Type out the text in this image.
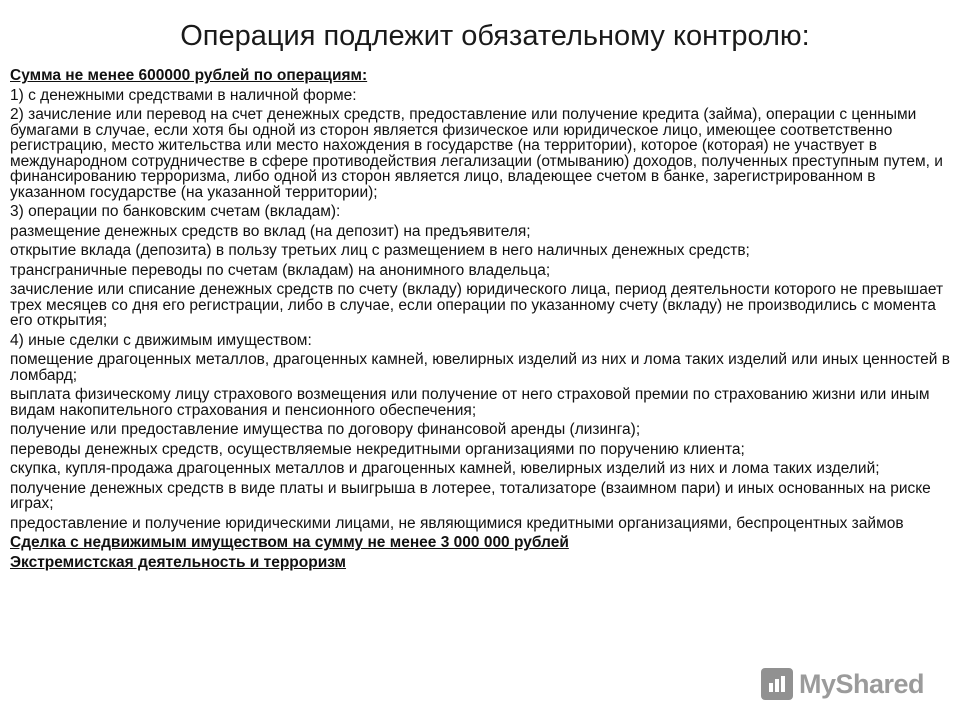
Операция подлежит обязательному контролю:
Сумма не менее 600000 рублей по операциям:
1) с денежными средствами в наличной форме:
2) зачисление или перевод на счет денежных средств, предоставление или получение кредита (займа), операции с ценными бумагами в случае, если хотя бы одной из сторон является физическое или юридическое лицо, имеющее соответственно регистрацию, место жительства или место нахождения в государстве (на территории), которое (которая) не участвует в международном сотрудничестве в сфере противодействия легализации (отмыванию) доходов, полученных преступным путем, и финансированию терроризма, либо одной из сторон является лицо, владеющее счетом в банке, зарегистрированном в указанном государстве (на указанной территории);
3) операции по банковским счетам (вкладам):
размещение денежных средств во вклад (на депозит) на предъявителя;
открытие вклада (депозита) в пользу третьих лиц с размещением в него наличных денежных средств;
трансграничные переводы по счетам (вкладам) на анонимного владельца;
зачисление или списание денежных средств по счету (вкладу) юридического лица, период деятельности которого не превышает трех месяцев со дня его регистрации, либо в случае, если операции по указанному счету (вкладу) не производились с момента его открытия;
4) иные сделки с движимым имуществом:
помещение драгоценных металлов, драгоценных камней, ювелирных изделий из них и лома таких изделий или иных ценностей в ломбард;
выплата физическому лицу страхового возмещения или получение от него страховой премии по страхованию жизни или иным видам накопительного страхования и пенсионного обеспечения;
получение или предоставление имущества по договору финансовой аренды (лизинга);
переводы денежных средств, осуществляемые некредитными организациями по поручению клиента;
скупка, купля-продажа драгоценных металлов и драгоценных камней, ювелирных изделий из них и лома таких изделий;
получение денежных средств в виде платы и выигрыша в лотерее, тотализаторе (взаимном пари) и иных основанных на риске играх;
предоставление и получение юридическими лицами, не являющимися кредитными организациями, беспроцентных займов
Сделка с недвижимым имуществом на сумму не менее 3 000 000 рублей
Экстремистская деятельность и терроризм
MyShared
